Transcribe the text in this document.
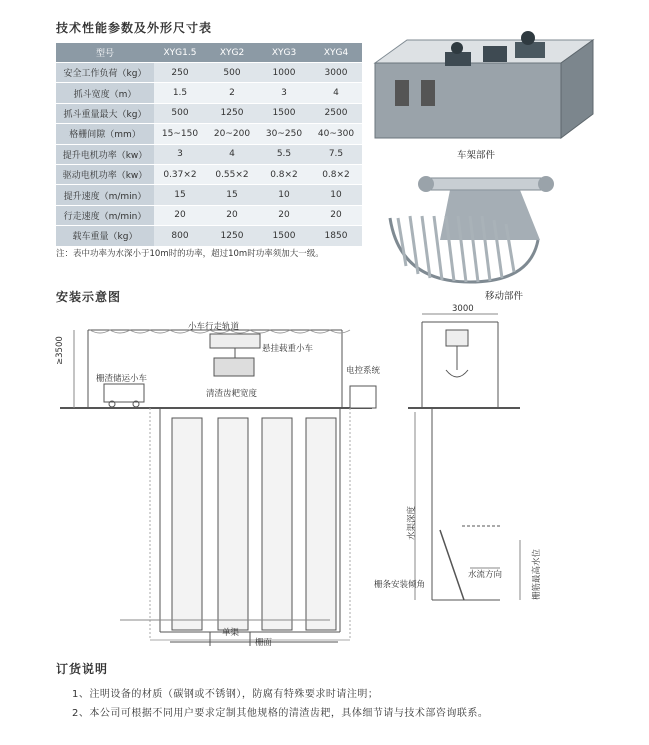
技术性能参数及外形尺寸表
型号	XYG1.5	XYG2	XYG3	XYG4
安全工作负荷（kg）	250	500	1000	3000
抓斗宽度（m）	1.5	2	3	4
抓斗重量最大（kg）	500	1250	1500	2500
格栅间隙（mm）	15~150	20~200	30~250	40~300
提升电机功率（kw）	3	4	5.5	7.5
驱动电机功率（kw）	0.37×2	0.55×2	0.8×2	0.8×2
提升速度（m/min）	15	15	10	10
行走速度（m/min）	20	20	20	20
载车重量（kg）	800	1250	1500	1850
注：表中功率为水深小于10m时的功率，超过10m时功率须加大一级。
车架部件
移动部件
安装示意图
小车行走轨道
≥3500	悬挂载重小车
栅渣储运小车
清渣齿耙宽度
电控系统
3000
水渠深度
栅筋最高水位
水流方向
栅条安装倾角
单渠
栅面
订货说明
1、注明设备的材质（碳钢或不锈钢），防腐有特殊要求时请注明；
2、本公司可根据不同用户要求定制其他规格的清渣齿耙，具体细节请与技术部咨询联系。
